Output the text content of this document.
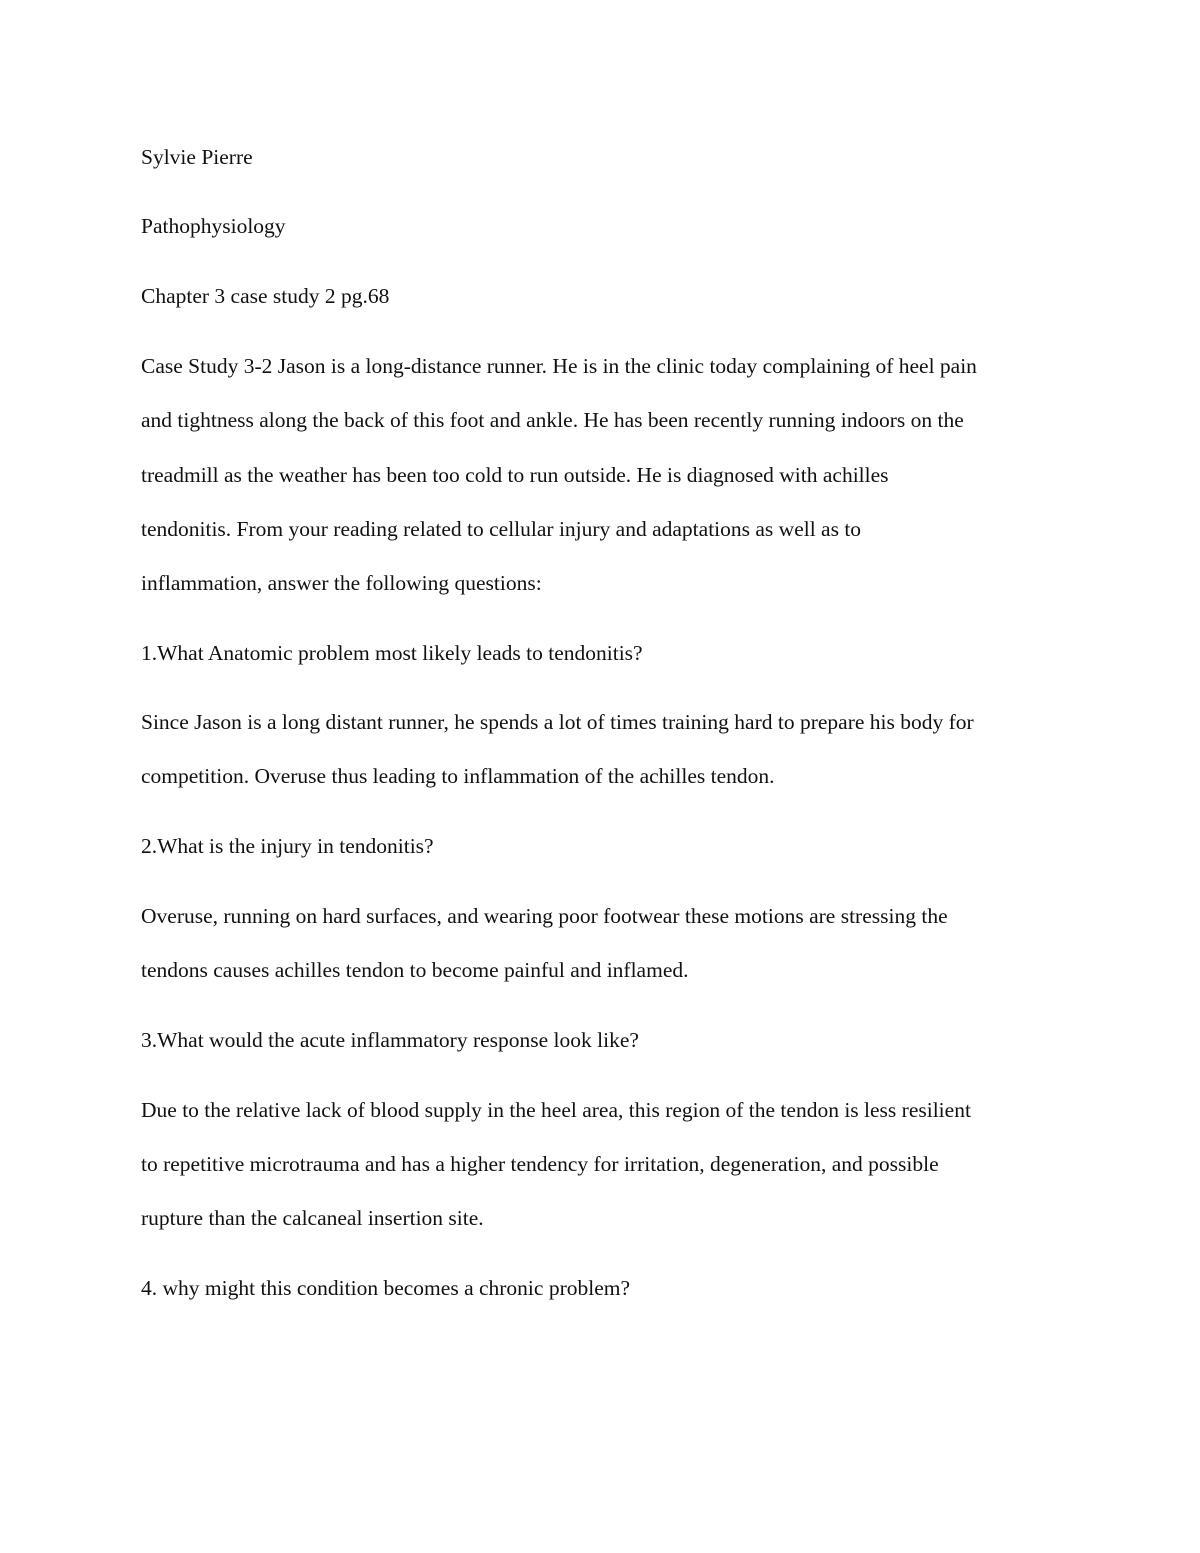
Sylvie Pierre

Pathophysiology

Chapter 3 case study 2 pg.68

Case Study 3-2 Jason is a long-distance runner. He is in the clinic today complaining of heel pain

and tightness along the back of this foot and ankle. He has been recently running indoors on the

treadmill as the weather has been too cold to run outside. He is diagnosed with achilles

tendonitis. From your reading related to cellular injury and adaptations as well as to

inflammation, answer the following questions:

1.What Anatomic problem most likely leads to tendonitis?

Since Jason is a long distant runner, he spends a lot of times training hard to prepare his body for

competition. Overuse thus leading to inflammation of the achilles tendon.

2.What is the injury in tendonitis?

Overuse, running on hard surfaces, and wearing poor footwear these motions are stressing the

tendons causes achilles tendon to become painful and inflamed.

3.What would the acute inflammatory response look like?

Due to the relative lack of blood supply in the heel area, this region of the tendon is less resilient

to repetitive microtrauma and has a higher tendency for irritation, degeneration, and possible

rupture than the calcaneal insertion site.

4. why might this condition becomes a chronic problem?
